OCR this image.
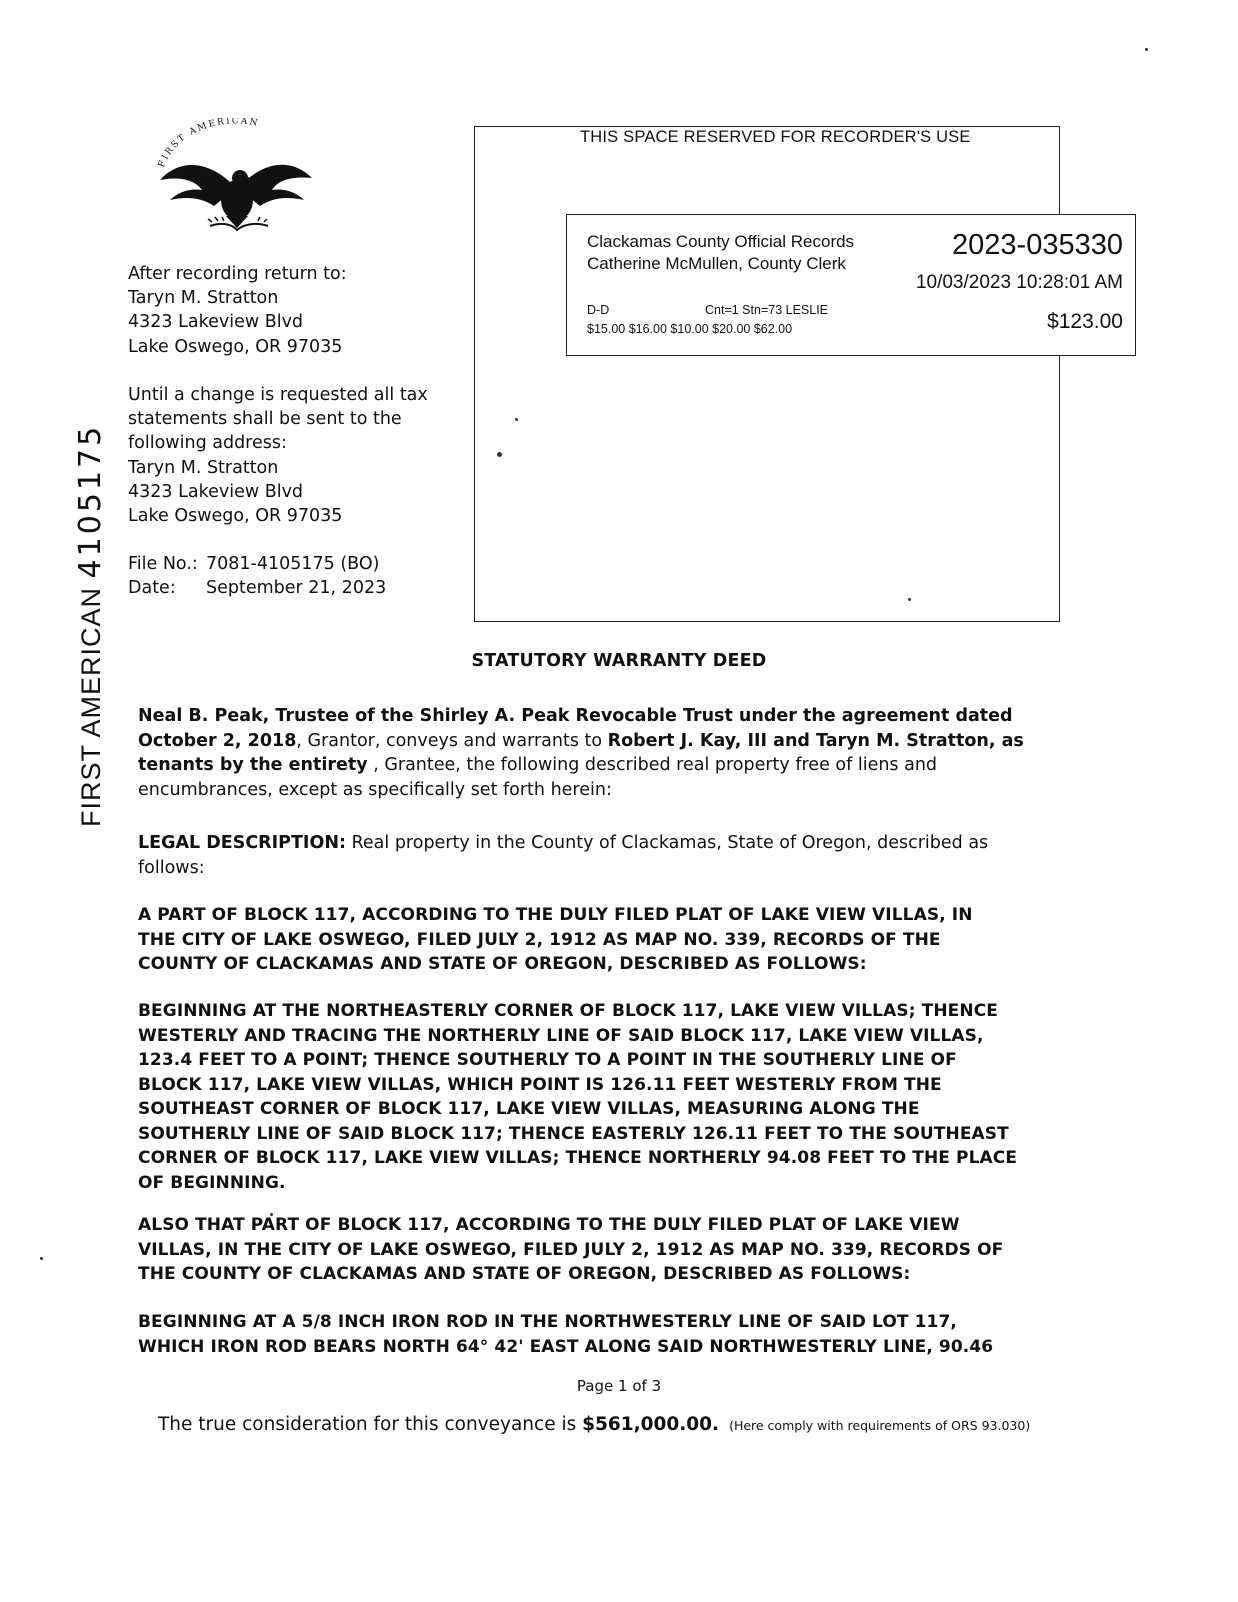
FIRST AMERICAN
After recording return to:
Taryn M. Stratton
4323 Lakeview Blvd
Lake Oswego, OR 97035
Until a change is requested all tax
statements shall be sent to the
following address:
Taryn M. Stratton
4323 Lakeview Blvd
Lake Oswego, OR 97035
File No.: 7081-4105175 (BO)
Date: September 21, 2023
FIRST AMERICAN 4105175
THIS SPACE RESERVED FOR RECORDER'S USE
Clackamas County Official Records
Catherine McMullen, County Clerk
2023-035330
10/03/2023 10:28:01 AM
D-D	Cnt=1 Stn=73 LESLIE
$15.00 $16.00 $10.00 $20.00 $62.00	$123.00
STATUTORY WARRANTY DEED
Neal B. Peak, Trustee of the Shirley A. Peak Revocable Trust under the agreement dated
October 2, 2018, Grantor, conveys and warrants to Robert J. Kay, III and Taryn M. Stratton, as
tenants by the entirety , Grantee, the following described real property free of liens and
encumbrances, except as specifically set forth herein:
LEGAL DESCRIPTION: Real property in the County of Clackamas, State of Oregon, described as
follows:
A PART OF BLOCK 117, ACCORDING TO THE DULY FILED PLAT OF LAKE VIEW VILLAS, IN
THE CITY OF LAKE OSWEGO, FILED JULY 2, 1912 AS MAP NO. 339, RECORDS OF THE
COUNTY OF CLACKAMAS AND STATE OF OREGON, DESCRIBED AS FOLLOWS:
BEGINNING AT THE NORTHEASTERLY CORNER OF BLOCK 117, LAKE VIEW VILLAS; THENCE
WESTERLY AND TRACING THE NORTHERLY LINE OF SAID BLOCK 117, LAKE VIEW VILLAS,
123.4 FEET TO A POINT; THENCE SOUTHERLY TO A POINT IN THE SOUTHERLY LINE OF
BLOCK 117, LAKE VIEW VILLAS, WHICH POINT IS 126.11 FEET WESTERLY FROM THE
SOUTHEAST CORNER OF BLOCK 117, LAKE VIEW VILLAS, MEASURING ALONG THE
SOUTHERLY LINE OF SAID BLOCK 117; THENCE EASTERLY 126.11 FEET TO THE SOUTHEAST
CORNER OF BLOCK 117, LAKE VIEW VILLAS; THENCE NORTHERLY 94.08 FEET TO THE PLACE
OF BEGINNING.
ALSO THAT PART OF BLOCK 117, ACCORDING TO THE DULY FILED PLAT OF LAKE VIEW
VILLAS, IN THE CITY OF LAKE OSWEGO, FILED JULY 2, 1912 AS MAP NO. 339, RECORDS OF
THE COUNTY OF CLACKAMAS AND STATE OF OREGON, DESCRIBED AS FOLLOWS:
BEGINNING AT A 5/8 INCH IRON ROD IN THE NORTHWESTERLY LINE OF SAID LOT 117,
WHICH IRON ROD BEARS NORTH 64° 42' EAST ALONG SAID NORTHWESTERLY LINE, 90.46
Page 1 of 3
The true consideration for this conveyance is $561,000.00. (Here comply with requirements of ORS 93.030)
